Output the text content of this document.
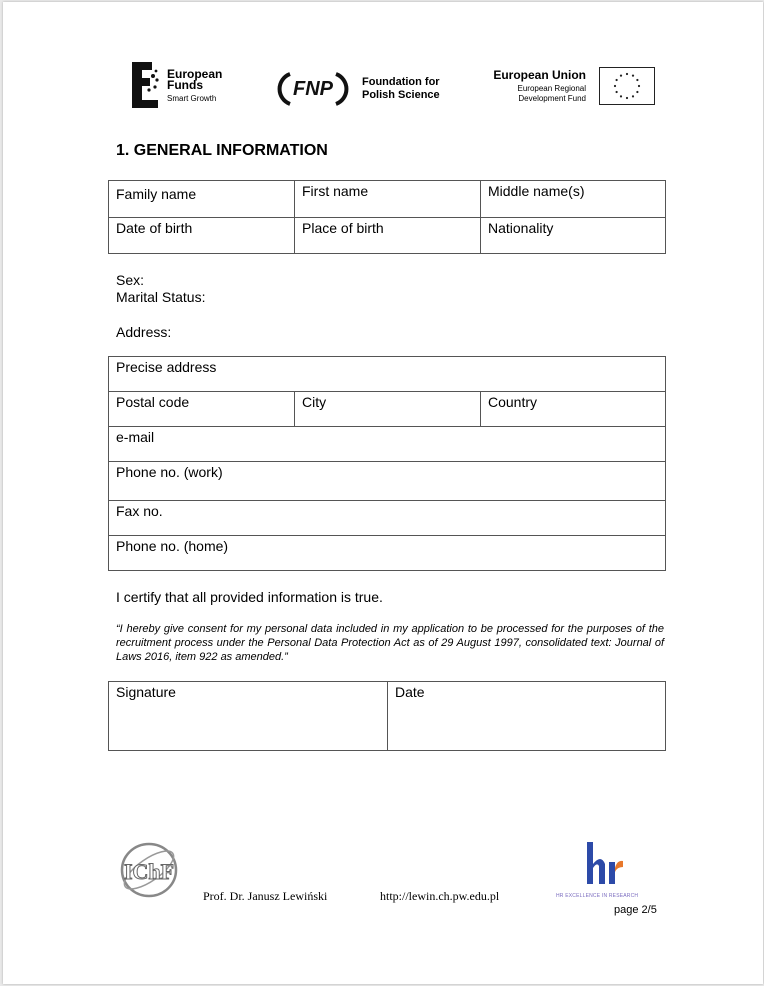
European
Funds
Smart Growth	FNP	Foundation for
Polish Science
European Union
European Regional
Development Fund
1. GENERAL INFORMATION
Family name	First name	Middle name(s)
Date of birth	Place of birth	Nationality
Sex:
Marital Status:
Address:
Precise address
Postal code	City	Country
e-mail
Phone no. (work)
Fax no.
Phone no. (home)
I certify that all provided information is true.
“I hereby give consent for my personal data included in my application to be processed for the purposes of the recruitment process under the Personal Data Protection Act as of 29 August 1997, consolidated text: Journal of Laws 2016, item 922 as amended.”
Signature	Date
IChF
Prof. Dr. Janusz Lewiński	http://lewin.ch.pw.edu.pl	HR EXCELLENCE IN RESEARCH
page 2/5
